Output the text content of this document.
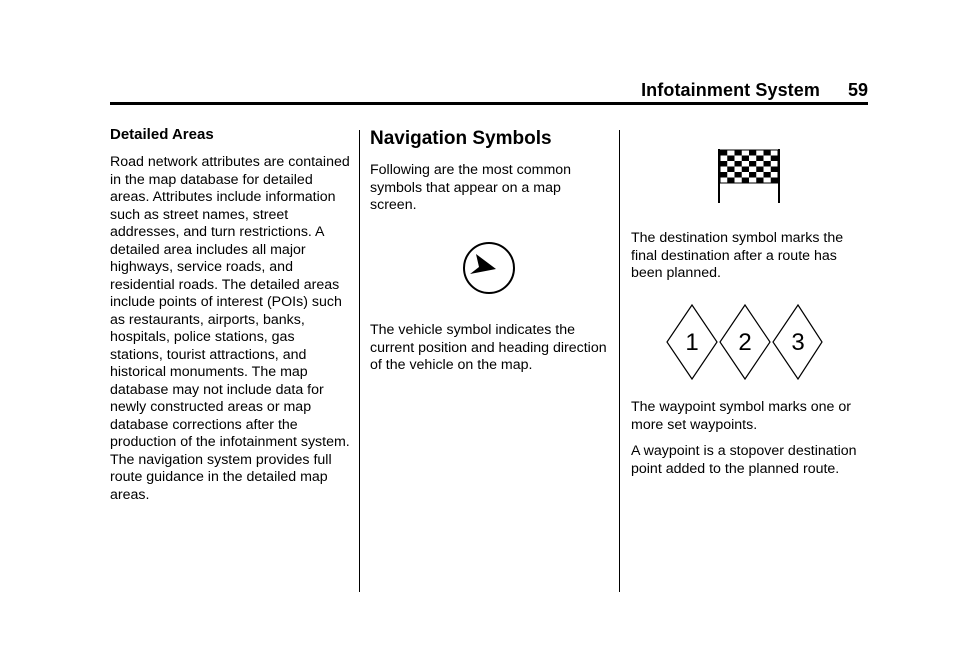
Infotainment System 59
Detailed Areas

Road network attributes are contained in the map database for detailed areas. Attributes include information such as street names, street addresses, and turn restrictions. A detailed area includes all major highways, service roads, and residential roads. The detailed areas include points of interest (POIs) such as restaurants, airports, banks, hospitals, police stations, gas stations, tourist attractions, and historical monuments. The map database may not include data for newly constructed areas or map database corrections after the production of the infotainment system. The navigation system provides full route guidance in the detailed map areas.

Navigation Symbols

Following are the most common symbols that appear on a map screen.

The vehicle symbol indicates the current position and heading direction of the vehicle on the map.

The destination symbol marks the final destination after a route has been planned.

1 2 3

The waypoint symbol marks one or more set waypoints.

A waypoint is a stopover destination point added to the planned route.
